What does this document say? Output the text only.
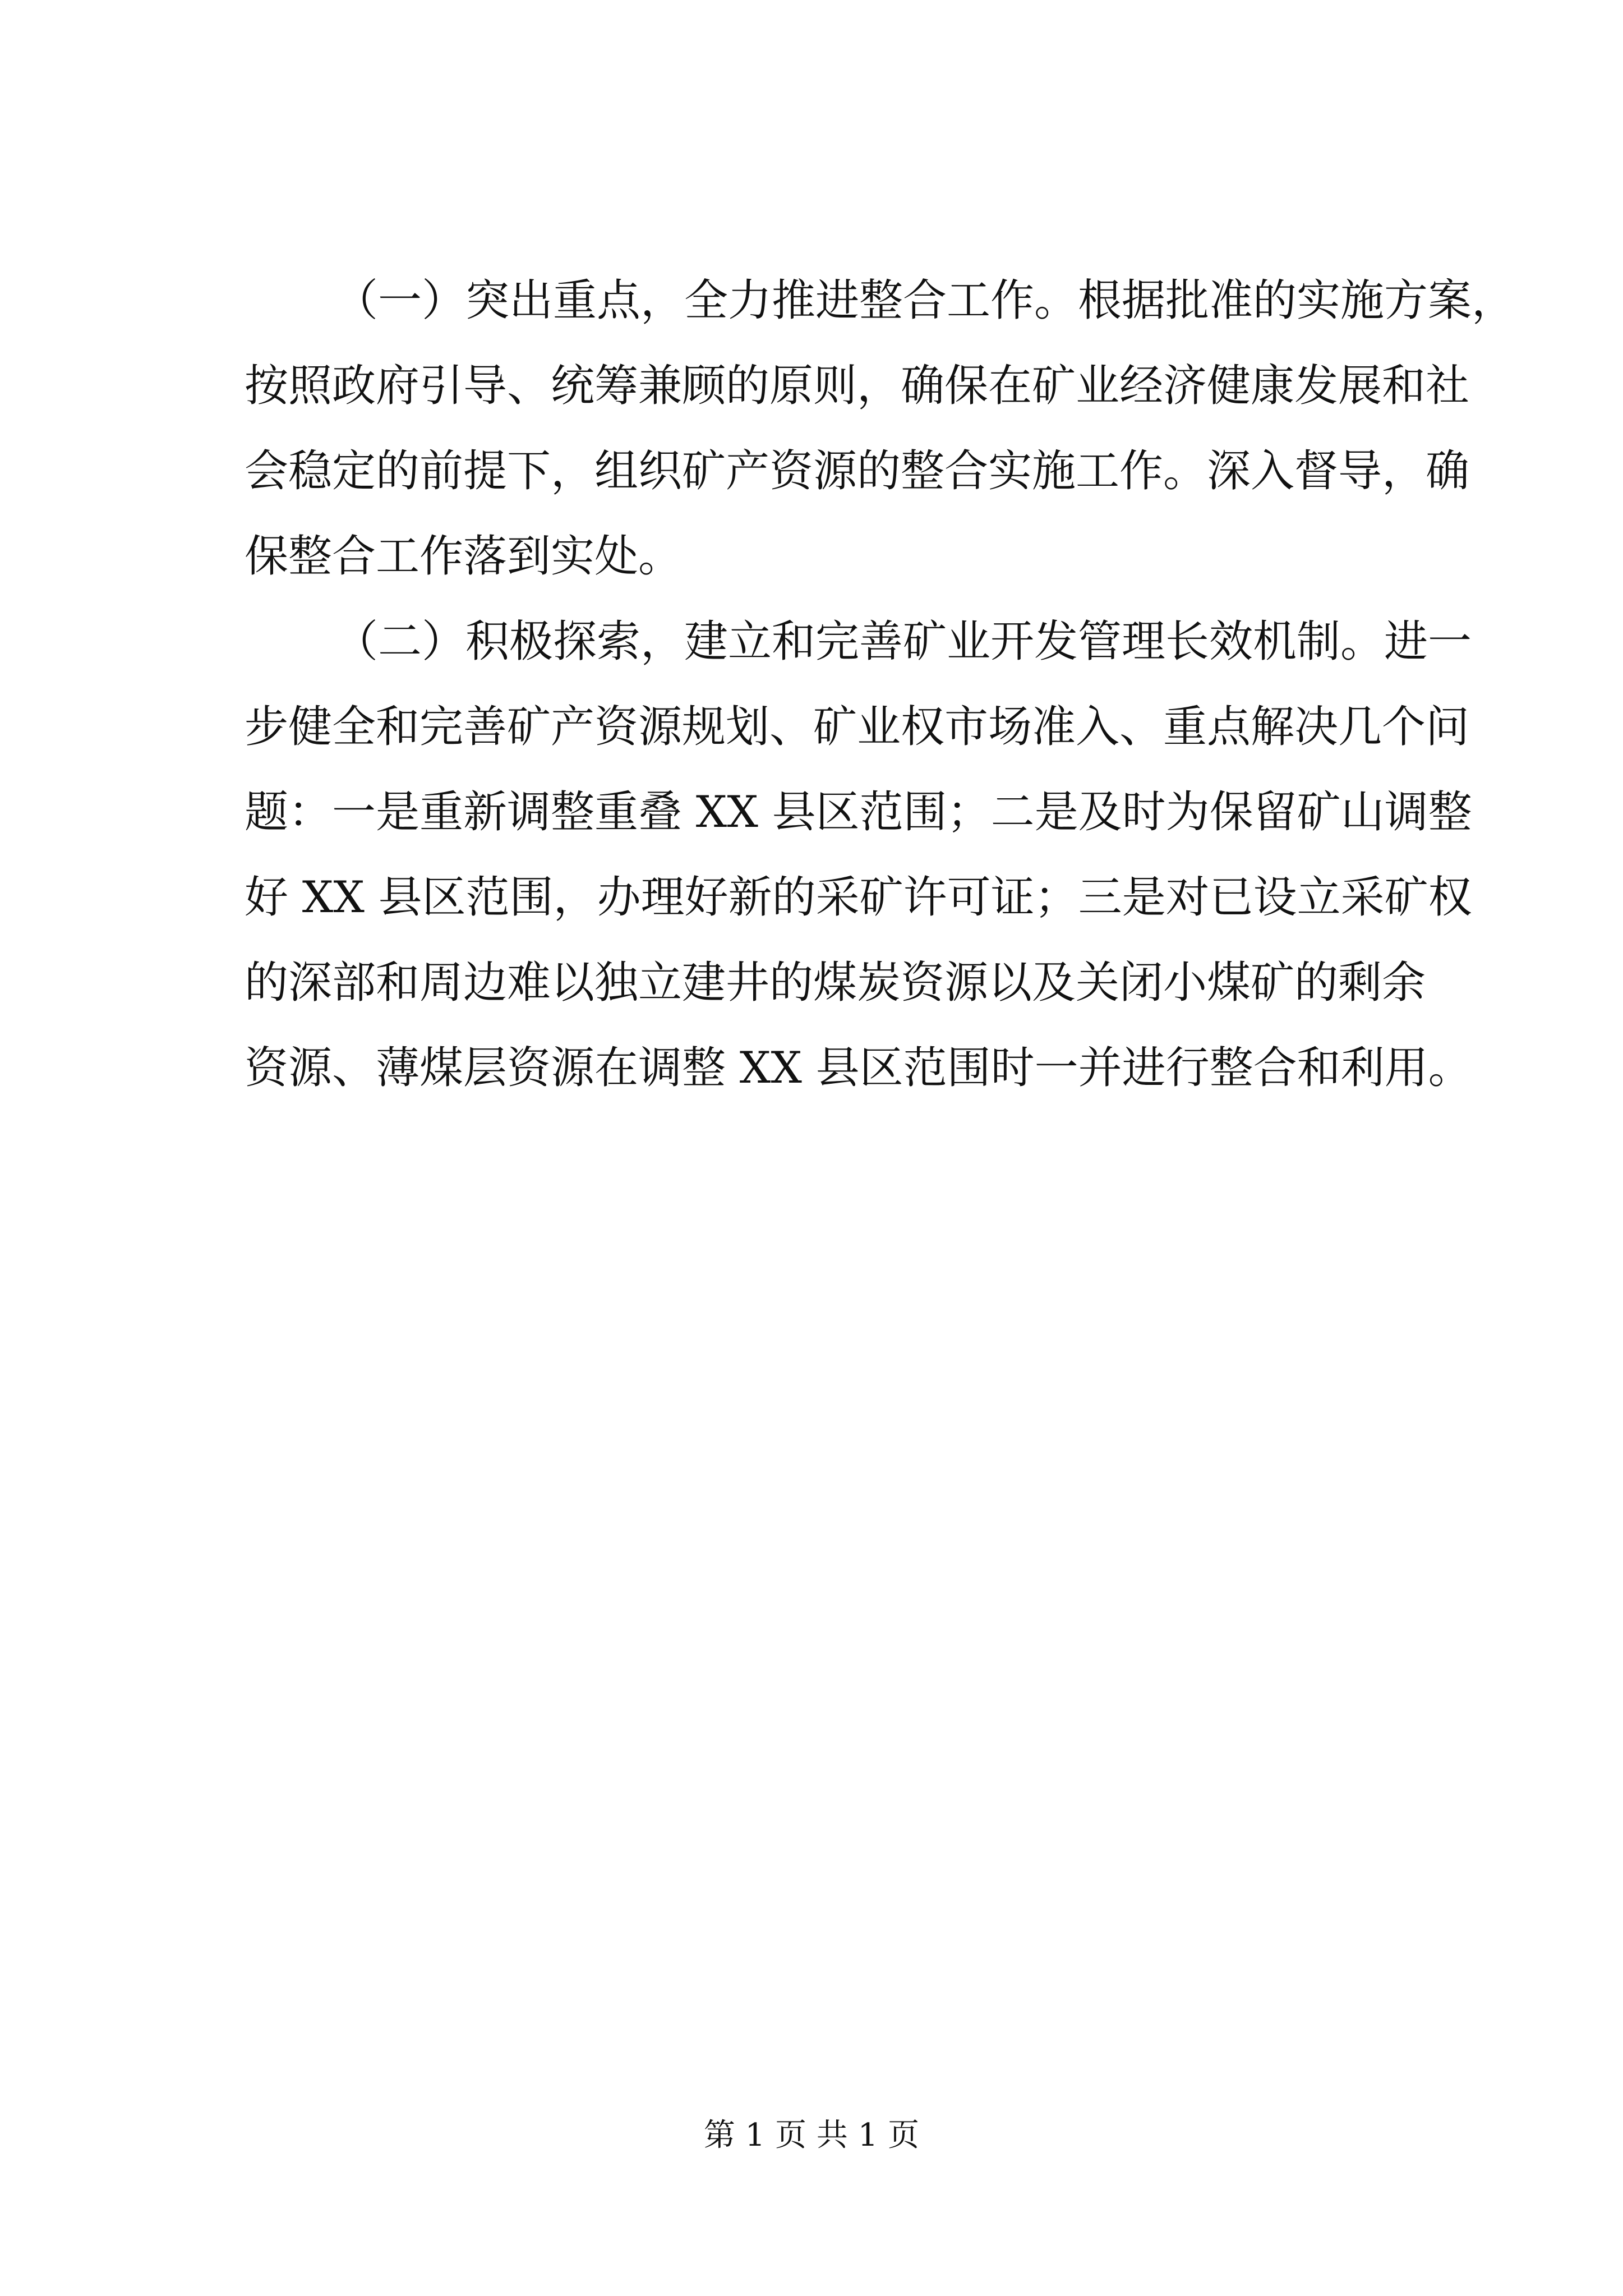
（一）突出重点，全力推进整合工作。根据批准的实施方案，
按照政府引导、统筹兼顾的原则，确保在矿业经济健康发展和社
会稳定的前提下，组织矿产资源的整合实施工作。深入督导，确
保整合工作落到实处。
（二）积极探索，建立和完善矿业开发管理长效机制。进一
步健全和完善矿产资源规划、矿业权市场准入、重点解决几个问
题：一是重新调整重叠 XX 县区范围；二是及时为保留矿山调整
好 XX 县区范围，办理好新的采矿许可证；三是对已设立采矿权
的深部和周边难以独立建井的煤炭资源以及关闭小煤矿的剩余
资源、薄煤层资源在调整 XX 县区范围时一并进行整合和利用。
第 1 页 共 1 页
